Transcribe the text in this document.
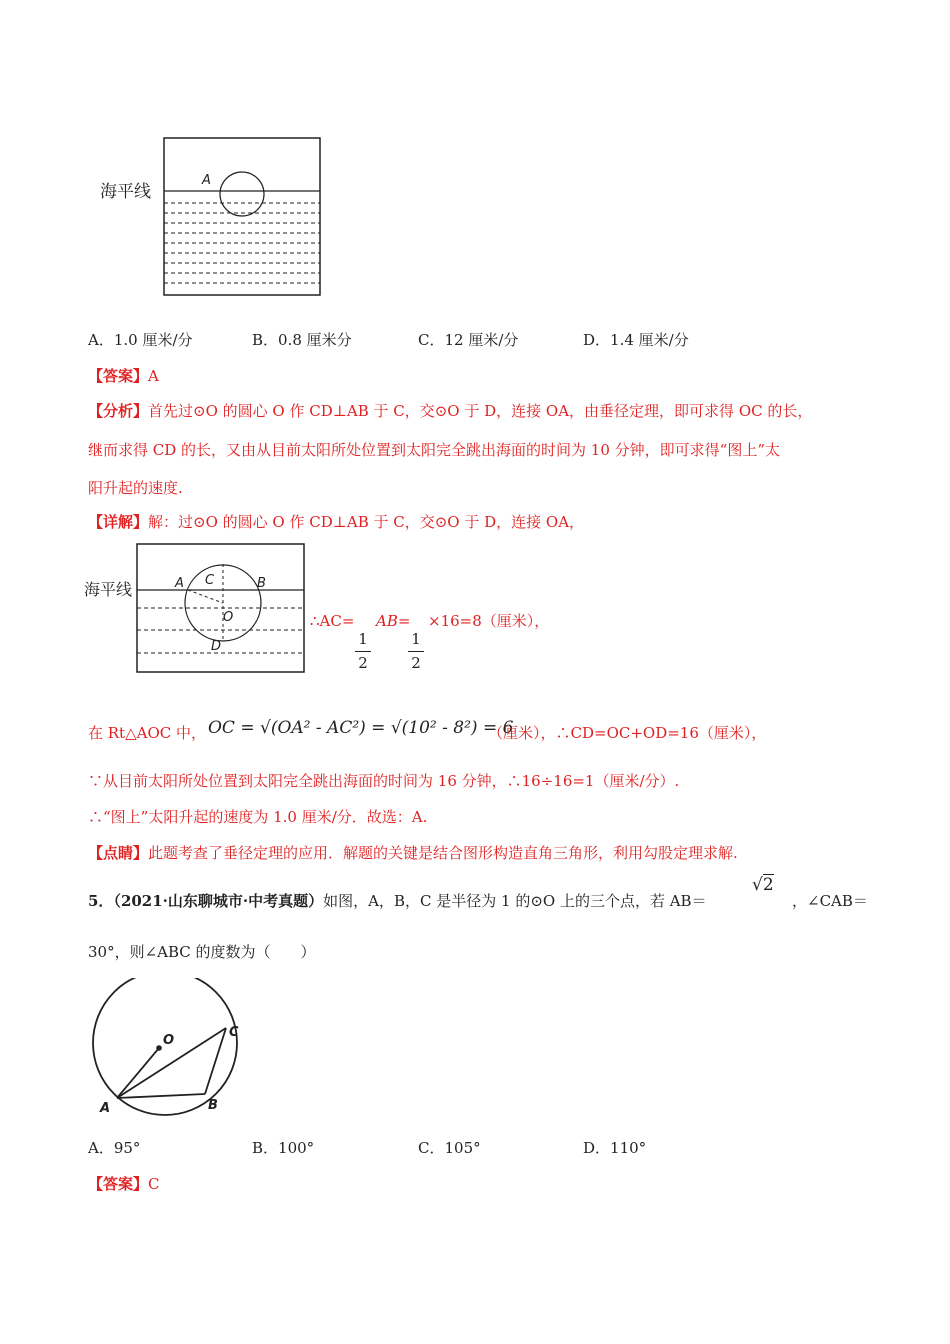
海平线
A
A．1.0 厘米/分	B．0.8 厘米分	C．12 厘米/分	D．1.4 厘米/分
【答案】A
【分析】首先过⊙O 的圆心 O 作 CD⊥AB 于 C，交⊙O 于 D，连接 OA，由垂径定理，即可求得 OC 的长，
继而求得 CD 的长，又由从目前太阳所处位置到太阳完全跳出海面的时间为 10 分钟，即可求得“图上”太
阳升起的速度.
【详解】解：过⊙O 的圆心 O 作 CD⊥AB 于 C，交⊙O 于 D，连接 OA，
海平线	A C	B
O
D
∴AC= AB= ×16=8（厘米），
1
2
1
2
在 Rt△AOC 中， OC = √(OA² - AC²) = √(10² - 8²) = 6
（厘米），∴CD=OC+OD=16（厘米），
∵从目前太阳所处位置到太阳完全跳出海面的时间为 16 分钟，∴16÷16=1（厘米/分）.
∴“图上”太阳升起的速度为 1.0 厘米/分．故选：A.
【点睛】此题考查了垂径定理的应用．解题的关键是结合图形构造直角三角形，利用勾股定理求解.
5．（2021·山东聊城市·中考真题）如图，A，B，C 是半径为 1 的⊙O 上的三个点，若 AB＝
√2
，∠CAB＝
30°，则∠ABC 的度数为（　　）
O
A	B
C
A．95°	B．100°	C．105°	D．110°
【答案】C
